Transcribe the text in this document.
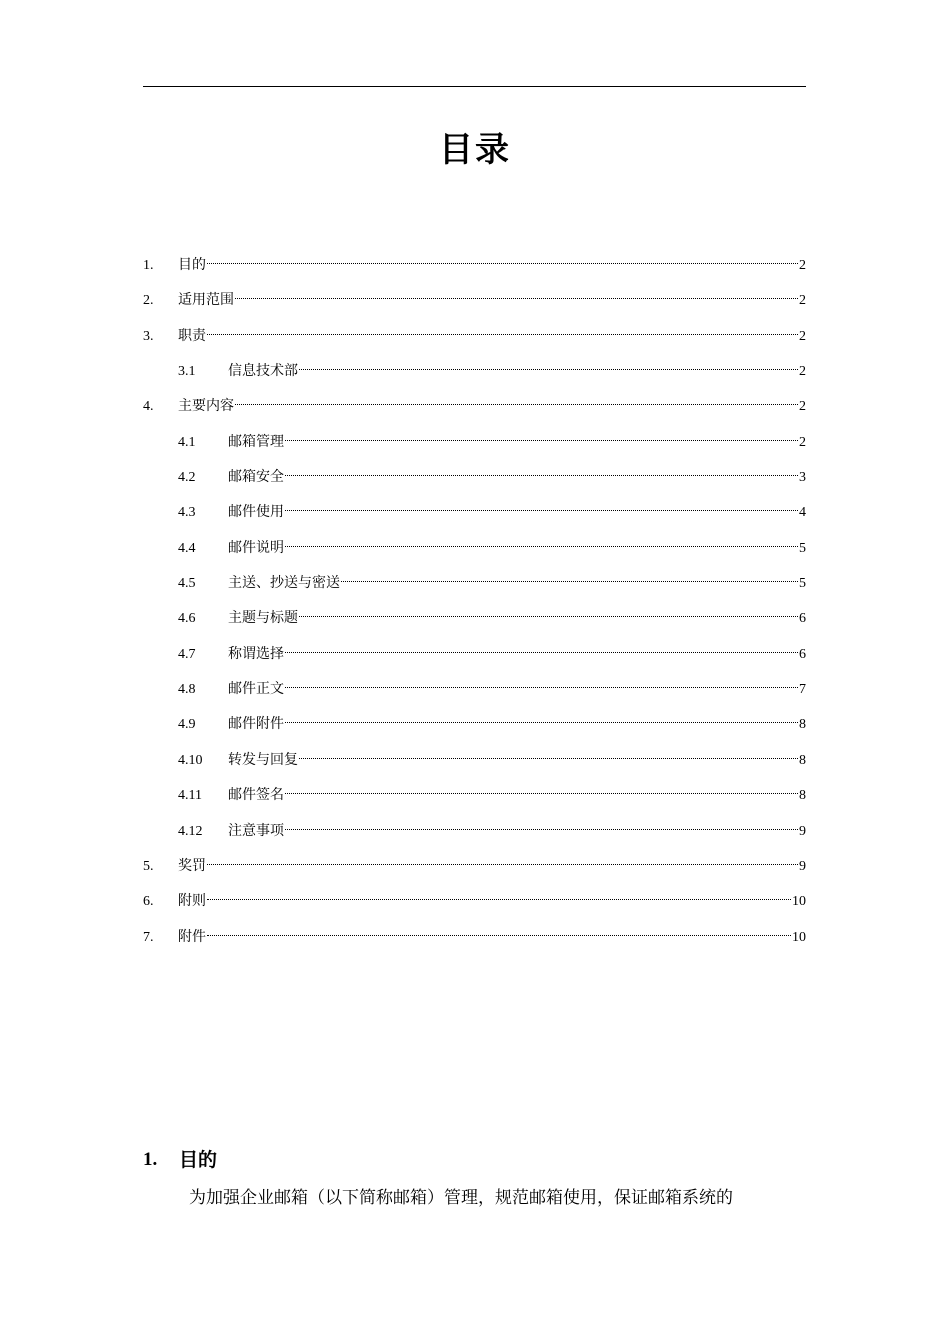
目录
1.	目的	2
2.	适用范围	2
3.	职责	2
3.1	信息技术部	2
4.	主要内容	2
4.1	邮箱管理	2
4.2	邮箱安全	3
4.3	邮件使用	4
4.4	邮件说明	5
4.5	主送、抄送与密送	5
4.6	主题与标题	6
4.7	称谓选择	6
4.8	邮件正文	7
4.9	邮件附件	8
4.10	转发与回复	8
4.11	邮件签名	8
4.12	注意事项	9
5.	奖罚	9
6.	附则	10
7.	附件	10
1.	目的
为加强企业邮箱（以下简称邮箱）管理，规范邮箱使用，保证邮箱系统的
